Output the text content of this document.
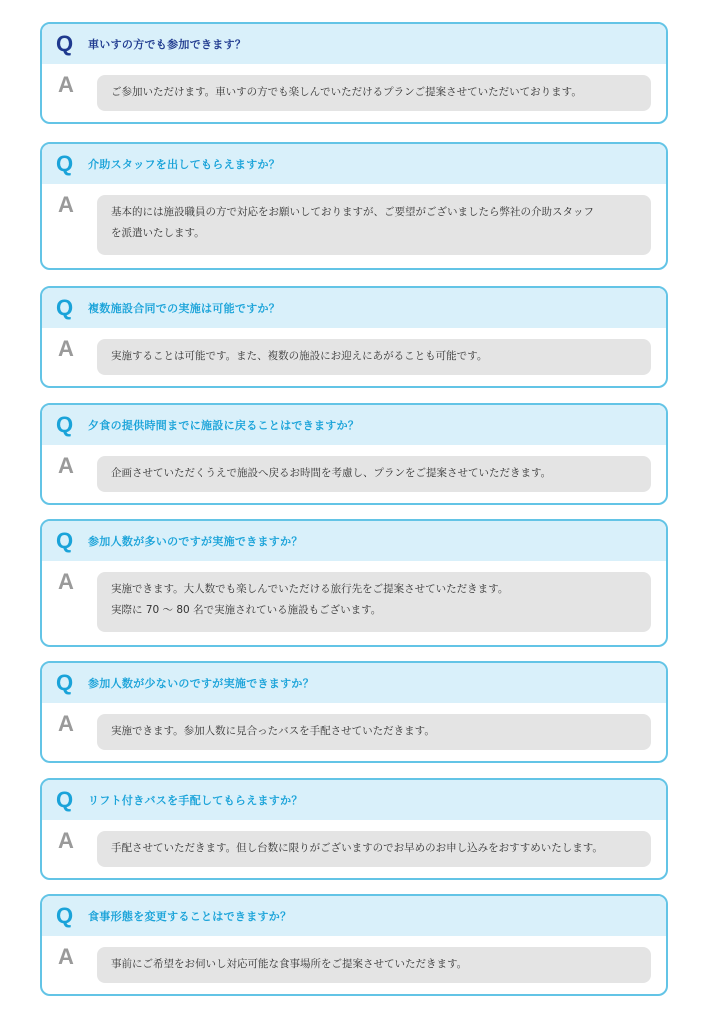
Q	車いすの方でも参加できます？
A	ご参加いただけます。車いすの方でも楽しんでいただけるプランご提案させていただいております。
Q	介助スタッフを出してもらえますか？
A	基本的には施設職員の方で対応をお願いしておりますが、ご要望がございましたら弊社の介助スタッフ
を派遣いたします。
Q	複数施設合同での実施は可能ですか？
A	実施することは可能です。また、複数の施設にお迎えにあがることも可能です。
Q	夕食の提供時間までに施設に戻ることはできますか？
A	企画させていただくうえで施設へ戻るお時間を考慮し、プランをご提案させていただきます。
Q	参加人数が多いのですが実施できますか？
A	実施できます。大人数でも楽しんでいただける旅行先をご提案させていただきます。
実際に 70 〜 80 名で実施されている施設もございます。
Q	参加人数が少ないのですが実施できますか？
A	実施できます。参加人数に見合ったバスを手配させていただきます。
Q	リフト付きバスを手配してもらえますか？
A	手配させていただきます。但し台数に限りがございますのでお早めのお申し込みをおすすめいたします。
Q	食事形態を変更することはできますか？
A	事前にご希望をお伺いし対応可能な食事場所をご提案させていただきます。
